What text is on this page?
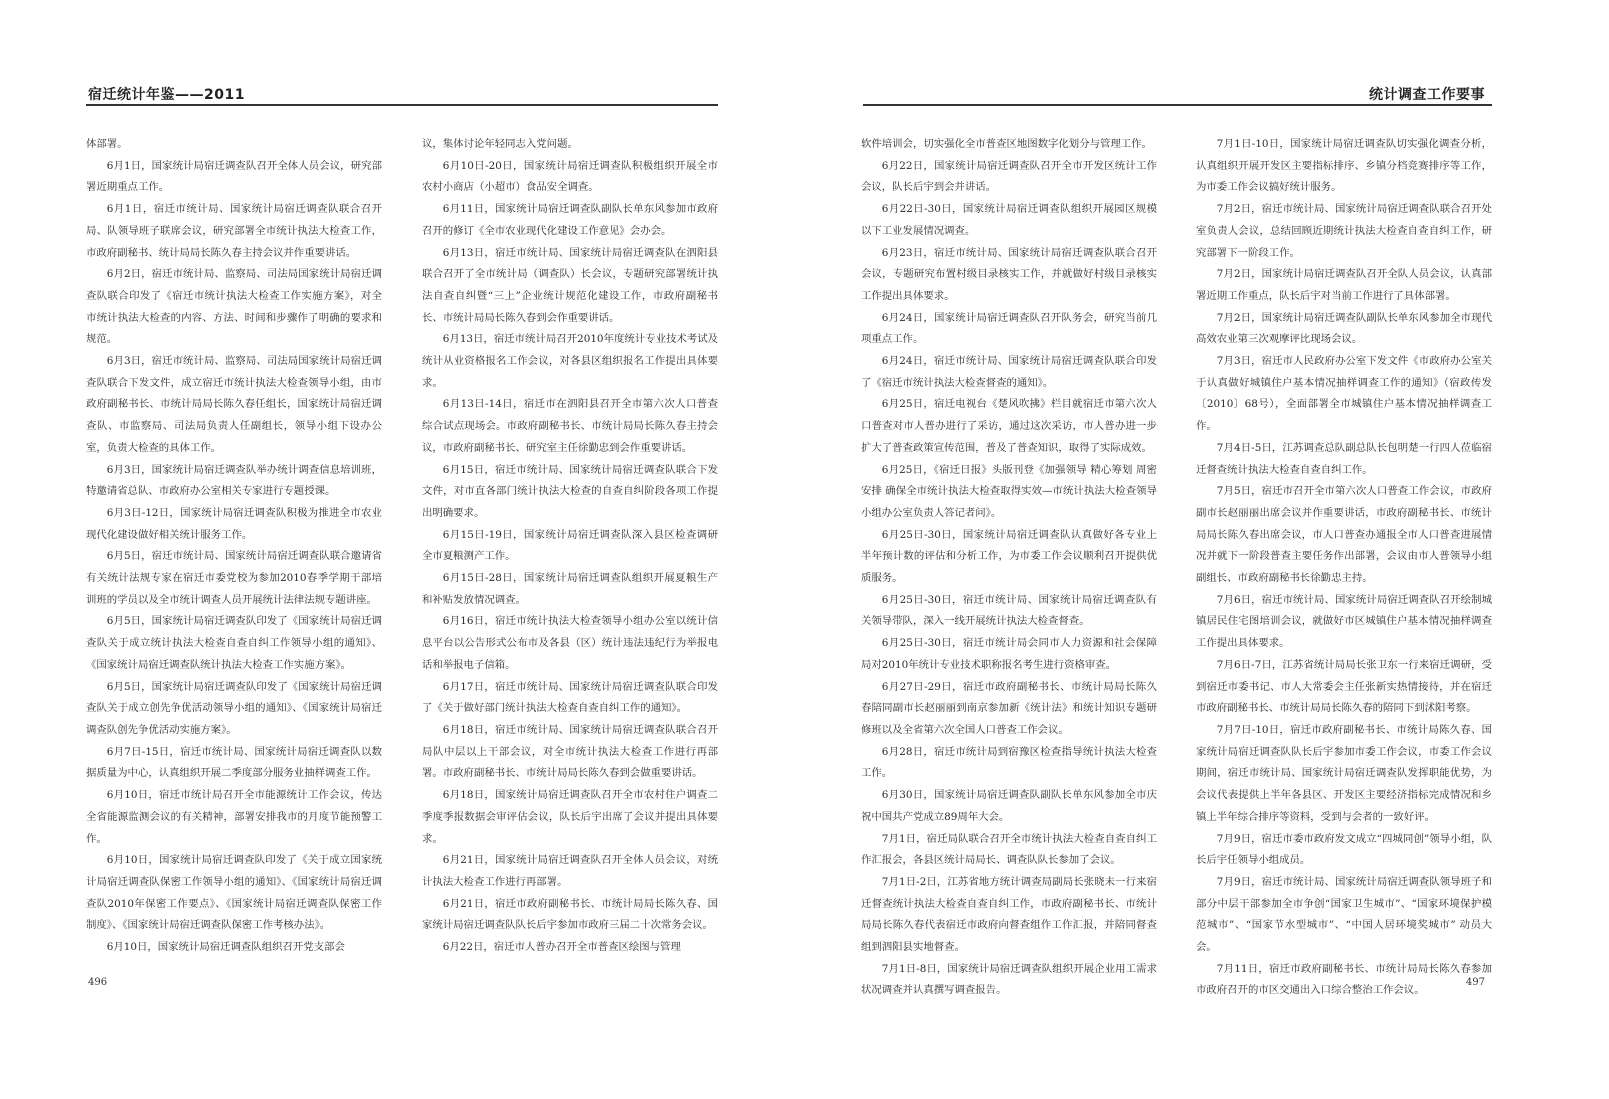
宿迁统计年鉴——2011

体部署。

6月1日，国家统计局宿迁调查队召开全体人员会议，研究部署近期重点工作。

6月1日，宿迁市统计局、国家统计局宿迁调查队联合召开局、队领导班子联席会议，研究部署全市统计执法大检查工作，市政府副秘书、统计局局长陈久春主持会议并作重要讲话。

6月2日，宿迁市统计局、监察局、司法局国家统计局宿迁调查队联合印发了《宿迁市统计执法大检查工作实施方案》，对全市统计执法大检查的内容、方法、时间和步骤作了明确的要求和规范。

6月3日，宿迁市统计局、监察局、司法局国家统计局宿迁调查队联合下发文件，成立宿迁市统计执法大检查领导小组，由市政府副秘书长、市统计局局长陈久春任组长，国家统计局宿迁调查队、市监察局、司法局负责人任副组长，领导小组下设办公室，负责大检查的具体工作。

6月3日，国家统计局宿迁调查队举办统计调查信息培训班，特邀请省总队、市政府办公室相关专家进行专题授课。

6月3日-12日，国家统计局宿迁调查队积极为推进全市农业现代化建设做好相关统计服务工作。

6月5日，宿迁市统计局、国家统计局宿迁调查队联合邀请省有关统计法规专家在宿迁市委党校为参加2010春季学期干部培训班的学员以及全市统计调查人员开展统计法律法规专题讲座。

6月5日，国家统计局宿迁调查队印发了《国家统计局宿迁调查队关于成立统计执法大检查自查自纠工作领导小组的通知》、《国家统计局宿迁调查队统计执法大检查工作实施方案》。

6月5日，国家统计局宿迁调查队印发了《国家统计局宿迁调查队关于成立创先争优活动领导小组的通知》、《国家统计局宿迁调查队创先争优活动实施方案》。

6月7日-15日，宿迁市统计局、国家统计局宿迁调查队以数据质量为中心，认真组织开展二季度部分服务业抽样调查工作。

6月10日，宿迁市统计局召开全市能源统计工作会议，传达全省能源监测会议的有关精神，部署安排我市的月度节能预警工作。

6月10日，国家统计局宿迁调查队印发了《关于成立国家统计局宿迁调查队保密工作领导小组的通知》、《国家统计局宿迁调查队2010年保密工作要点》、《国家统计局宿迁调查队保密工作制度》、《国家统计局宿迁调查队保密工作考核办法》。

6月10日，国家统计局宿迁调查队组织召开党支部会

议，集体讨论年轻同志入党问题。

6月10日-20日，国家统计局宿迁调查队积极组织开展全市农村小商店（小超市）食品安全调查。

6月11日，国家统计局宿迁调查队副队长单东风参加市政府召开的修订《全市农业现代化建设工作意见》会办会。

6月13日，宿迁市统计局、国家统计局宿迁调查队在泗阳县联合召开了全市统计局（调查队）长会议，专题研究部署统计执法自查自纠暨“三上”企业统计规范化建设工作，市政府副秘书长、市统计局局长陈久春到会作重要讲话。

6月13日，宿迁市统计局召开2010年度统计专业技术考试及统计从业资格报名工作会议，对各县区组织报名工作提出具体要求。

6月13日-14日，宿迁市在泗阳县召开全市第六次人口普查综合试点现场会。市政府副秘书长、市统计局局长陈久春主持会议，市政府副秘书长、研究室主任徐勤忠到会作重要讲话。

6月15日，宿迁市统计局、国家统计局宿迁调查队联合下发文件，对市直各部门统计执法大检查的自查自纠阶段各项工作提出明确要求。

6月15日-19日，国家统计局宿迁调查队深入县区检查调研全市夏粮测产工作。

6月15日-28日，国家统计局宿迁调查队组织开展夏粮生产和补贴发放情况调查。

6月16日，宿迁市统计执法大检查领导小组办公室以统计信息平台以公告形式公布市及各县（区）统计违法违纪行为举报电话和举报电子信箱。

6月17日，宿迁市统计局、国家统计局宿迁调查队联合印发了《关于做好部门统计执法大检查自查自纠工作的通知》。

6月18日，宿迁市统计局、国家统计局宿迁调查队联合召开局队中层以上干部会议，对全市统计执法大检查工作进行再部署。市政府副秘书长、市统计局局长陈久春到会做重要讲话。

6月18日，国家统计局宿迁调查队召开全市农村住户调查二季度季报数据会审评估会议，队长后宇出席了会议并提出具体要求。

6月21日，国家统计局宿迁调查队召开全体人员会议，对统计执法大检查工作进行再部署。

6月21日，宿迁市政府副秘书长、市统计局局长陈久春、国家统计局宿迁调查队队长后宇参加市政府三届二十次常务会议。

6月22日，宿迁市人普办召开全市普查区绘图与管理

496
统计调查工作要事

软件培训会，切实强化全市普查区地图数字化划分与管理工作。

6月22日，国家统计局宿迁调查队召开全市开发区统计工作会议，队长后宇到会并讲话。

6月22日-30日，国家统计局宿迁调查队组织开展园区规模以下工业发展情况调查。

6月23日，宿迁市统计局、国家统计局宿迁调查队联合召开会议，专题研究布置村级目录核实工作，并就做好村级目录核实工作提出具体要求。

6月24日，国家统计局宿迁调查队召开队务会，研究当前几项重点工作。

6月24日，宿迁市统计局、国家统计局宿迁调查队联合印发了《宿迁市统计执法大检查督查的通知》。

6月25日，宿迁电视台《楚风吹拂》栏目就宿迁市第六次人口普查对市人普办进行了采访，通过这次采访，市人普办进一步扩大了普查政策宣传范围，普及了普查知识，取得了实际成效。

6月25日，《宿迁日报》头版刊登《加强领导 精心筹划 周密安排 确保全市统计执法大检查取得实效—市统计执法大检查领导小组办公室负责人答记者问》。

6月25日-30日，国家统计局宿迁调查队认真做好各专业上半年预计数的评估和分析工作，为市委工作会议顺利召开提供优质服务。

6月25日-30日，宿迁市统计局、国家统计局宿迁调查队有关领导带队，深入一线开展统计执法大检查督查。

6月25日-30日，宿迁市统计局会同市人力资源和社会保障局对2010年统计专业技术职称报名考生进行资格审查。

6月27日-29日，宿迁市政府副秘书长、市统计局局长陈久春陪同副市长赵丽丽到南京参加新《统计法》和统计知识专题研修班以及全省第六次全国人口普查工作会议。

6月28日，宿迁市统计局到宿豫区检查指导统计执法大检查工作。

6月30日，国家统计局宿迁调查队副队长单东风参加全市庆祝中国共产党成立89周年大会。

7月1日，宿迁局队联合召开全市统计执法大检查自查自纠工作汇报会，各县区统计局局长、调查队队长参加了会议。

7月1日-2日，江苏省地方统计调查局副局长张晓未一行来宿迁督查统计执法大检查自查自纠工作，市政府副秘书长、市统计局局长陈久春代表宿迁市政府向督查组作工作汇报，并陪同督查组到泗阳县实地督查。

7月1日-8日，国家统计局宿迁调查队组织开展企业用工需求状况调查并认真撰写调查报告。

7月1日-10日，国家统计局宿迁调查队切实强化调查分析，认真组织开展开发区主要指标排序、乡镇分档竞赛排序等工作，为市委工作会议搞好统计服务。

7月2日，宿迁市统计局、国家统计局宿迁调查队联合召开处室负责人会议，总结回顾近期统计执法大检查自查自纠工作，研究部署下一阶段工作。

7月2日，国家统计局宿迁调查队召开全队人员会议，认真部署近期工作重点，队长后宇对当前工作进行了具体部署。

7月2日，国家统计局宿迁调查队副队长单东风参加全市现代高效农业第三次观摩评比现场会议。

7月3日，宿迁市人民政府办公室下发文件《市政府办公室关于认真做好城镇住户基本情况抽样调查工作的通知》（宿政传发〔2010〕68号），全面部署全市城镇住户基本情况抽样调查工作。

7月4日-5日，江苏调查总队副总队长包明楚一行四人莅临宿迁督查统计执法大检查自查自纠工作。

7月5日，宿迁市召开全市第六次人口普查工作会议，市政府副市长赵丽丽出席会议并作重要讲话，市政府副秘书长、市统计局局长陈久春出席会议，市人口普查办通报全市人口普查进展情况并就下一阶段普查主要任务作出部署，会议由市人普领导小组副组长、市政府副秘书长徐勤忠主持。

7月6日，宿迁市统计局、国家统计局宿迁调查队召开绘制城镇居民住宅图培训会议，就做好市区城镇住户基本情况抽样调查工作提出具体要求。

7月6日-7日，江苏省统计局局长张卫东一行来宿迁调研，受到宿迁市委书记、市人大常委会主任张新实热情接待，并在宿迁市政府副秘书长、市统计局局长陈久春的陪同下到沭阳考察。

7月7日-10日，宿迁市政府副秘书长、市统计局陈久春、国家统计局宿迁调查队队长后宇参加市委工作会议，市委工作会议期间，宿迁市统计局、国家统计局宿迁调查队发挥职能优势，为会议代表提供上半年各县区、开发区主要经济指标完成情况和乡镇上半年综合排序等资料，受到与会者的一致好评。

7月9日，宿迁市委市政府发文成立“四城同创”领导小组，队长后宇任领导小组成员。

7月9日，宿迁市统计局、国家统计局宿迁调查队领导班子和部分中层干部参加全市争创“国家卫生城市”、“国家环境保护模范城市”、“国家节水型城市”、“中国人居环境奖城市” 动员大会。

7月11日，宿迁市政府副秘书长、市统计局局长陈久春参加市政府召开的市区交通出入口综合整治工作会议。

497
